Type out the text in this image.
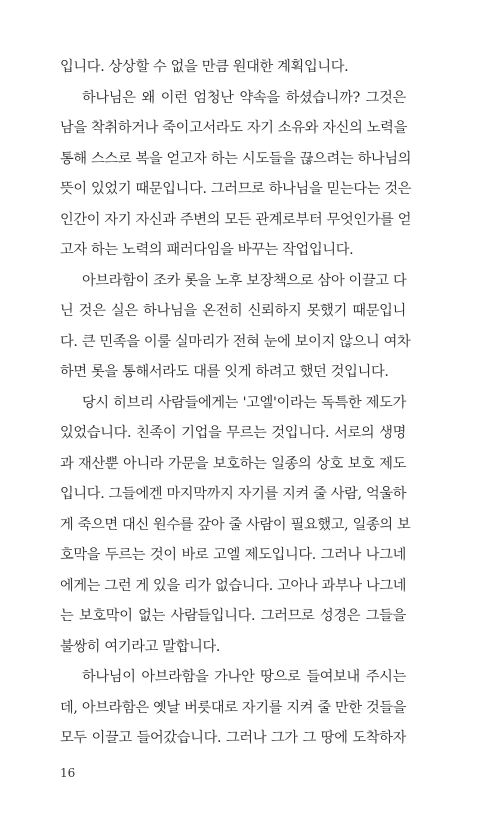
입니다. 상상할 수 없을 만큼 원대한 계획입니다.
하나님은 왜 이런 엄청난 약속을 하셨습니까? 그것은
남을 착취하거나 죽이고서라도 자기 소유와 자신의 노력을
통해 스스로 복을 얻고자 하는 시도들을 끊으려는 하나님의
뜻이 있었기 때문입니다. 그러므로 하나님을 믿는다는 것은
인간이 자기 자신과 주변의 모든 관계로부터 무엇인가를 얻
고자 하는 노력의 패러다임을 바꾸는 작업입니다.
아브라함이 조카 롯을 노후 보장책으로 삼아 이끌고 다
닌 것은 실은 하나님을 온전히 신뢰하지 못했기 때문입니
다. 큰 민족을 이룰 실마리가 전혀 눈에 보이지 않으니 여차
하면 롯을 통해서라도 대를 잇게 하려고 했던 것입니다.
당시 히브리 사람들에게는 '고엘'이라는 독특한 제도가
있었습니다. 친족이 기업을 무르는 것입니다. 서로의 생명
과 재산뿐 아니라 가문을 보호하는 일종의 상호 보호 제도
입니다. 그들에겐 마지막까지 자기를 지켜 줄 사람, 억울하
게 죽으면 대신 원수를 갚아 줄 사람이 필요했고, 일종의 보
호막을 두르는 것이 바로 고엘 제도입니다. 그러나 나그네
에게는 그런 게 있을 리가 없습니다. 고아나 과부나 나그네
는 보호막이 없는 사람들입니다. 그러므로 성경은 그들을
불쌍히 여기라고 말합니다.
하나님이 아브라함을 가나안 땅으로 들여보내 주시는
데, 아브라함은 옛날 버릇대로 자기를 지켜 줄 만한 것들을
모두 이끌고 들어갔습니다. 그러나 그가 그 땅에 도착하자
16
